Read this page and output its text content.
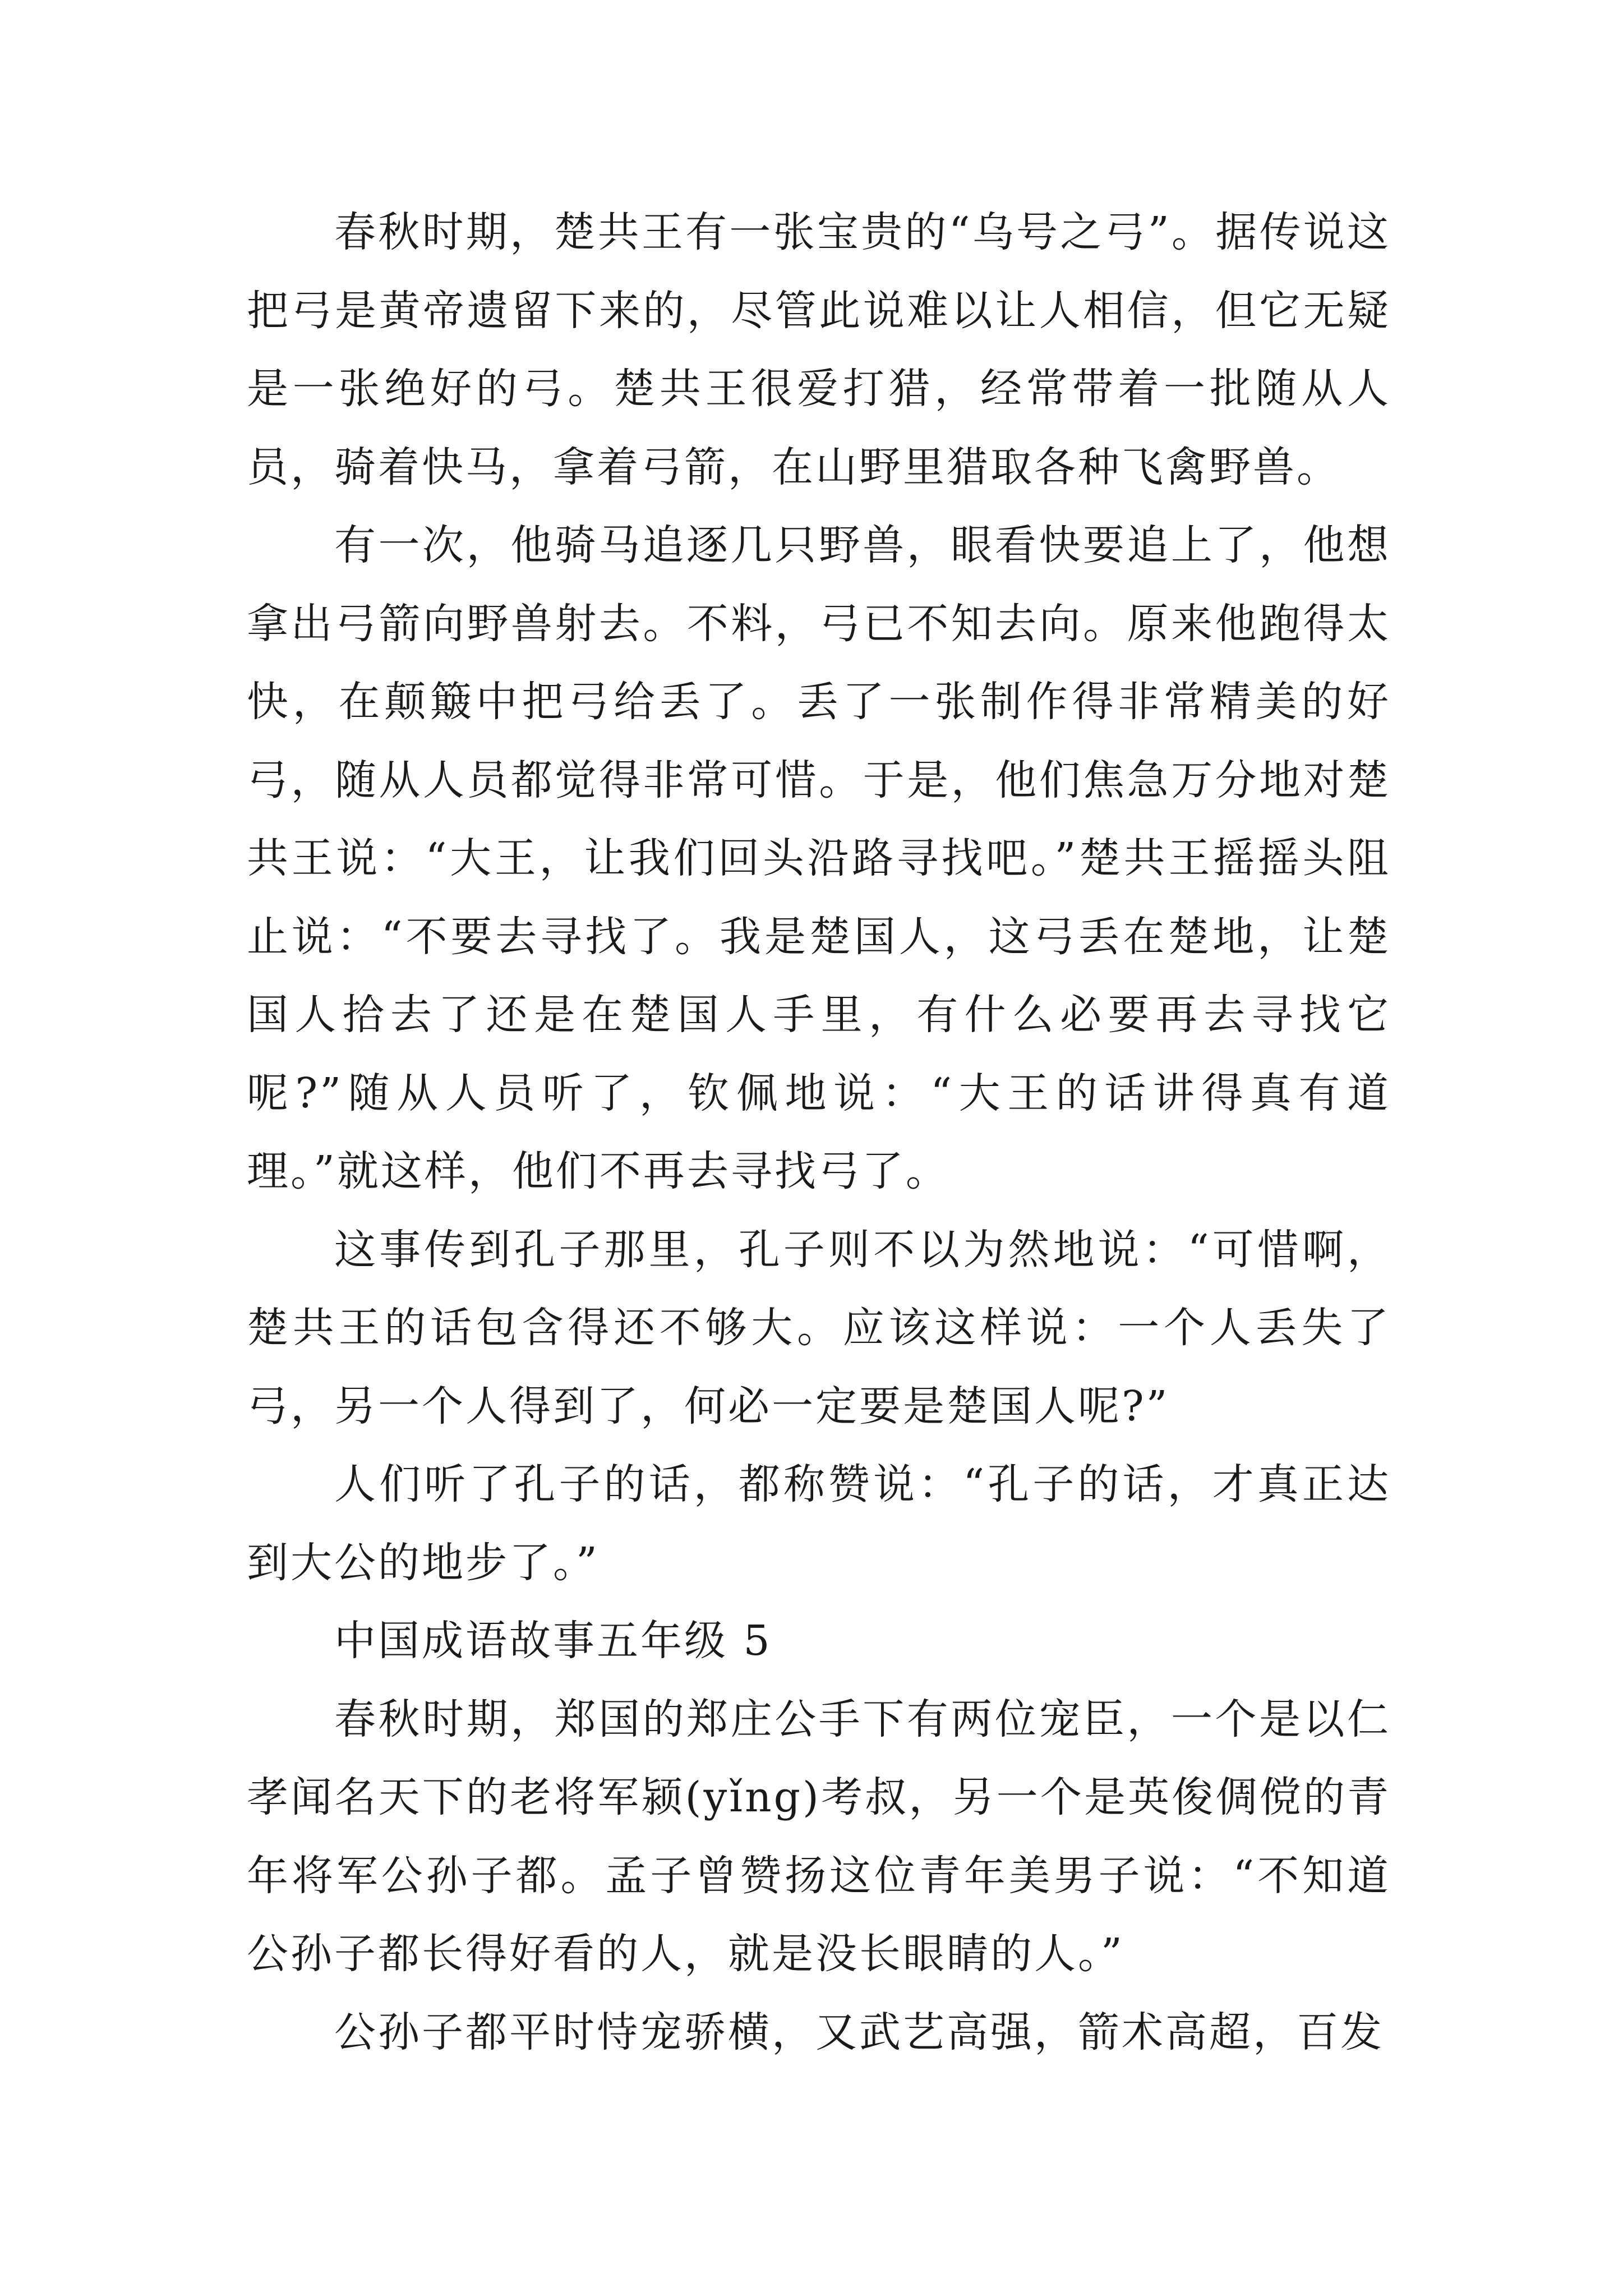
春秋时期，楚共王有一张宝贵的“乌号之弓”。据传说这把弓是黄帝遗留下来的，尽管此说难以让人相信，但它无疑是一张绝好的弓。楚共王很爱打猎，经常带着一批随从人员，骑着快马，拿着弓箭，在山野里猎取各种飞禽野兽。

有一次，他骑马追逐几只野兽，眼看快要追上了，他想拿出弓箭向野兽射去。不料，弓已不知去向。原来他跑得太快，在颠簸中把弓给丢了。丢了一张制作得非常精美的好弓，随从人员都觉得非常可惜。于是，他们焦急万分地对楚共王说：“大王，让我们回头沿路寻找吧。”楚共王摇摇头阻止说：“不要去寻找了。我是楚国人，这弓丢在楚地，让楚国人拾去了还是在楚国人手里，有什么必要再去寻找它呢?”随从人员听了，钦佩地说：“大王的话讲得真有道理。”就这样，他们不再去寻找弓了。

这事传到孔子那里，孔子则不以为然地说：“可惜啊，楚共王的话包含得还不够大。应该这样说：一个人丢失了弓，另一个人得到了，何必一定要是楚国人呢?”

人们听了孔子的话，都称赞说：“孔子的话，才真正达到大公的地步了。”

中国成语故事五年级 5

春秋时期，郑国的郑庄公手下有两位宠臣，一个是以仁孝闻名天下的老将军颍(yǐng)考叔，另一个是英俊倜傥的青年将军公孙子都。孟子曾赞扬这位青年美男子说：“不知道公孙子都长得好看的人，就是没长眼睛的人。”

公孙子都平时恃宠骄横，又武艺高强，箭术高超，百发
